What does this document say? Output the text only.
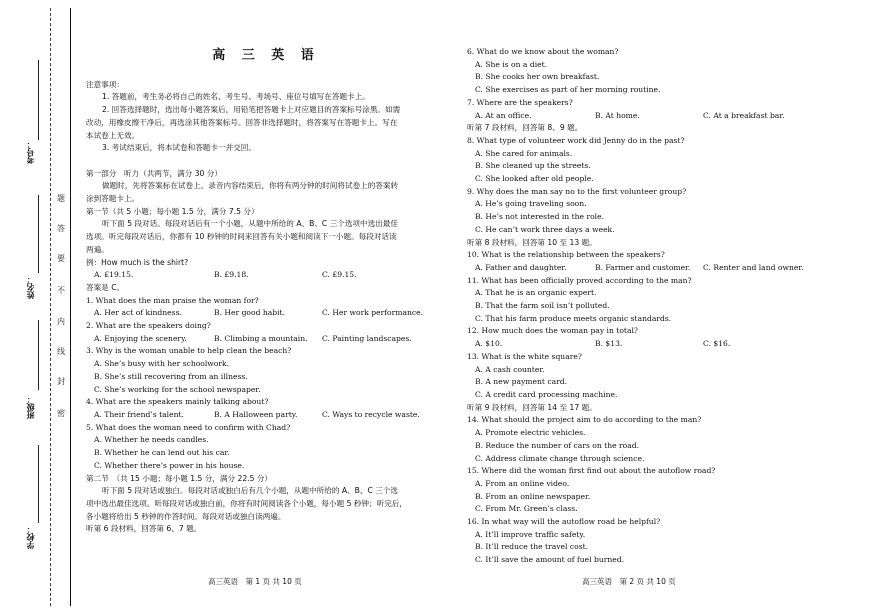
题
答
要
不
内
线
封
密
考号：
姓名：
班级：
学校：
高 三 英 语
注意事项：
1. 答题前，考生务必将自己的姓名、考生号、考场号、座位号填写在答题卡上。
2. 回答选择题时，选出每小题答案后，用铅笔把答题卡上对应题目的答案标号涂黑。如需
改动，用橡皮擦干净后，再选涂其他答案标号。回答非选择题时，将答案写在答题卡上。写在
本试卷上无效。
3. 考试结束后，将本试卷和答题卡一并交回。

第一部分　听力（共两节，满分 30 分）
做题时，先将答案标在试卷上。录音内容结束后，你将有两分钟的时间将试卷上的答案转
涂到答题卡上。
第一节（共 5 小题；每小题 1.5 分，满分 7.5 分）
听下面 5 段对话。每段对话后有一个小题，从题中所给的 A、B、C 三个选项中选出最佳
选项。听完每段对话后，你都有 10 秒钟的时间来回答有关小题和阅读下一小题。每段对话读
两遍。
例：How much is the shirt?
A. £19.15.	B. £9.18.	C. £9.15.
答案是 C。
1. What does the man praise the woman for?
A. Her act of kindness.	B. Her good habit.	C. Her work performance.
2. What are the speakers doing?
A. Enjoying the scenery.	B. Climbing a mountain.	C. Painting landscapes.
3. Why is the woman unable to help clean the beach?
A. She’s busy with her schoolwork.
B. She’s still recovering from an illness.
C. She’s working for the school newspaper.
4. What are the speakers mainly talking about?
A. Their friend’s talent.	B. A Halloween party.	C. Ways to recycle waste.
5. What does the woman need to confirm with Chad?
A. Whether he needs candles.
B. Whether he can lend out his car.
C. Whether there’s power in his house.
第二节　（共 15 小题；每小题 1.5 分，满分 22.5 分）
听下面 5 段对话或独白。每段对话或独白后有几个小题，从题中所给的 A、B、C 三个选
项中选出最佳选项。听每段对话或独白前，你将有时间阅读各个小题，每小题 5 秒钟；听完后，
各小题将给出 5 秒钟的作答时间。每段对话或独白读两遍。
听第 6 段材料，回答第 6、7 题。
6. What do we know about the woman?
A. She is on a diet.
B. She cooks her own breakfast.
C. She exercises as part of her morning routine.
7. Where are the speakers?
A. At an office.	B. At home.	C. At a breakfast bar.
听第 7 段材料，回答第 8、9 题。
8. What type of volunteer work did Jenny do in the past?
A. She cared for animals.
B. She cleaned up the streets.
C. She looked after old people.
9. Why does the man say no to the first volunteer group?
A. He’s going traveling soon.
B. He’s not interested in the role.
C. He can’t work three days a week.
听第 8 段材料，回答第 10 至 13 题。
10. What is the relationship between the speakers?
A. Father and daughter.	B. Farmer and customer.	C. Renter and land owner.
11. What has been officially proved according to the man?
A. That he is an organic expert.
B. That the farm soil isn’t polluted.
C. That his farm produce meets organic standards.
12. How much does the woman pay in total?
A. $10.	B. $13.	C. $16.
13. What is the white square?
A. A cash counter.
B. A new payment card.
C. A credit card processing machine.
听第 9 段材料，回答第 14 至 17 题。
14. What should the project aim to do according to the man?
A. Promote electric vehicles.
B. Reduce the number of cars on the road.
C. Address climate change through science.
15. Where did the woman first find out about the autoflow road?
A. From an online video.
B. From an online newspaper.
C. From Mr. Green’s class.
16. In what way will the autoflow road be helpful?
A. It’ll improve traffic safety.
B. It’ll reduce the travel cost.
C. It’ll save the amount of fuel burned.
高三英语　第 1 页 共 10 页	高三英语　第 2 页 共 10 页
